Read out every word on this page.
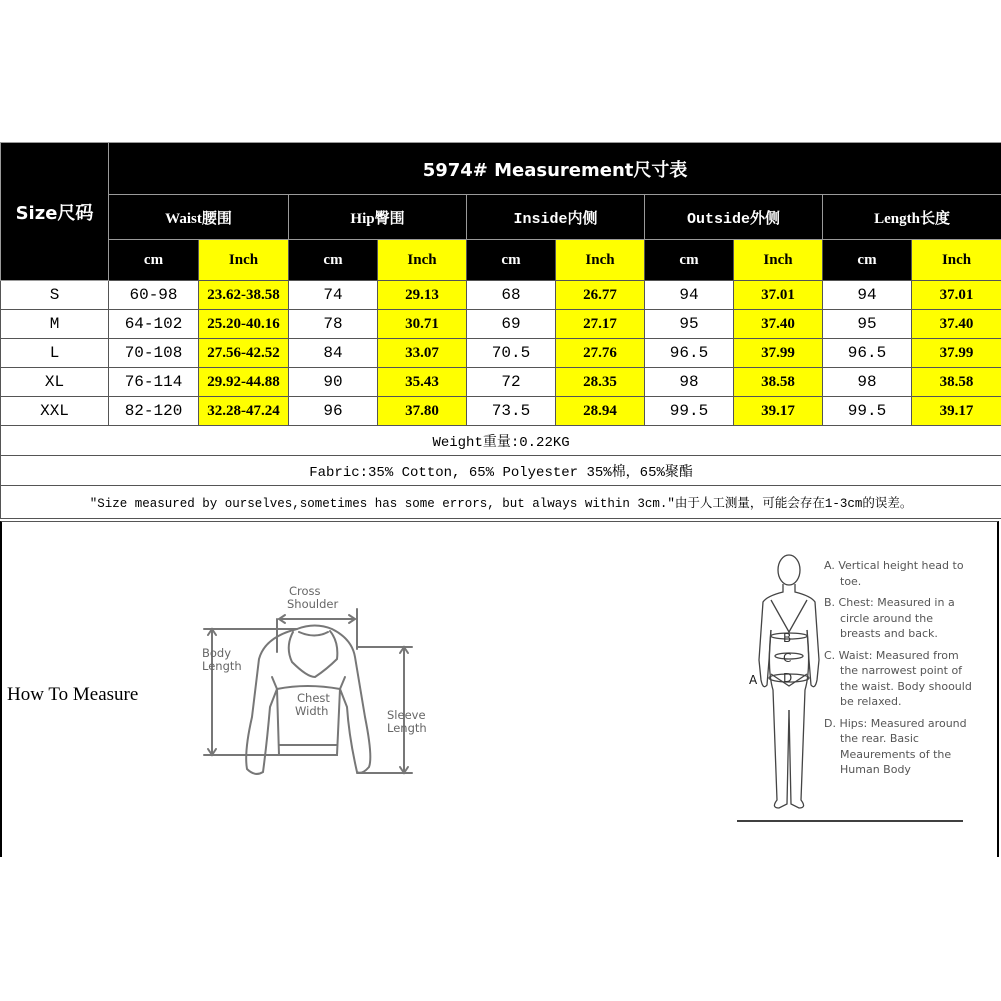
Size尺码	5974# Measurement尺寸表									
	Waist腰围		Hip臀围		Inside内侧		Outside外侧		Length长度	
	cm	Inch	cm	Inch	cm	Inch	cm	Inch	cm	Inch
S	60-98	23.62-38.58	74	29.13	68	26.77	94	37.01	94	37.01
M	64-102	25.20-40.16	78	30.71	69	27.17	95	37.40	95	37.40
L	70-108	27.56-42.52	84	33.07	70.5	27.76	96.5	37.99	96.5	37.99
XL	76-114	29.92-44.88	90	35.43	72	28.35	98	38.58	98	38.58
XXL	82-120	32.28-47.24	96	37.80	73.5	28.94	99.5	39.17	99.5	39.17
Weight重量:0.22KG										
Fabric:35% Cotton, 65% Polyester 35%棉，65%聚酯										
"Size measured by ourselves,sometimes has some errors, but always within 3cm."由于人工测量，可能会存在1-3cm的误差。										
How To Measure
Cross
Shoulder
Body
Length
Chest
Width	Sleeve
Length
B
C
D
A
A. Vertical height head to toe.
B. Chest: Measured in a circle around the breasts and back.
C. Waist: Measured from the narrowest point of the waist. Body shoould be relaxed.
D. Hips: Measured around the rear. Basic Meaurements of the Human Body
